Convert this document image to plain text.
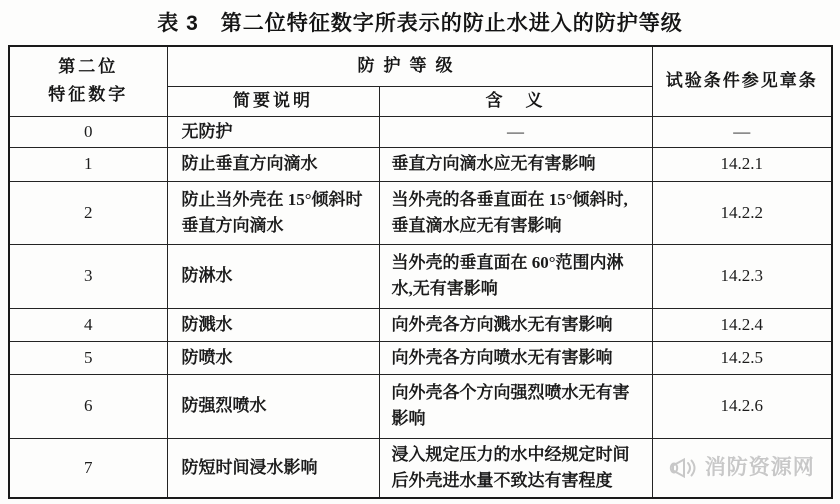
表 3　第二位特征数字所表示的防止水进入的防护等级
第二位
特征数字	防护等级		试验条件参见章条
	简要说明	含　义	
0	无防护	—	—
1	防止垂直方向滴水	垂直方向滴水应无有害影响	14.2.1
2	防止当外壳在 15°倾斜时垂直方向滴水	当外壳的各垂直面在 15°倾斜时,垂直滴水应无有害影响	14.2.2
3	防淋水	当外壳的垂直面在 60°范围内淋水,无有害影响	14.2.3
4	防溅水	向外壳各方向溅水无有害影响	14.2.4
5	防喷水	向外壳各方向喷水无有害影响	14.2.5
6	防强烈喷水	向外壳各个方向强烈喷水无有害影响	14.2.6
7	防短时间浸水影响	浸入规定压力的水中经规定时间后外壳进水量不致达有害程度	消防资源网
